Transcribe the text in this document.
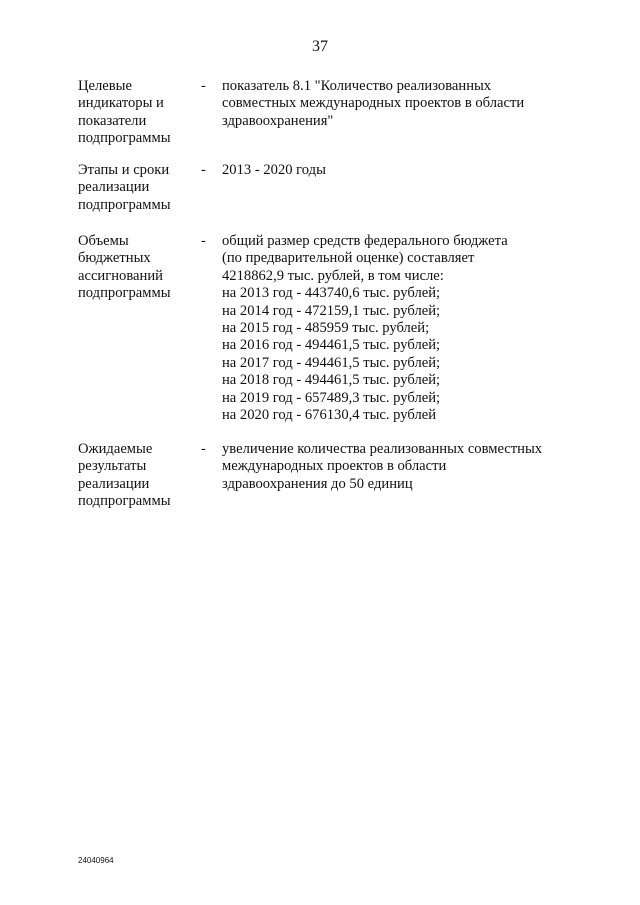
37
Целевые
индикаторы и
показатели
подпрограммы
- показатель 8.1 "Количество реализованных
совместных международных проектов в области
здравоохранения"
Этапы и сроки
реализации
подпрограммы
- 2013 - 2020 годы
Объемы
бюджетных
ассигнований
подпрограммы
- общий размер средств федерального бюджета
(по предварительной оценке) составляет
4218862,9 тыс. рублей, в том числе:
на 2013 год - 443740,6 тыс. рублей;
на 2014 год - 472159,1 тыс. рублей;
на 2015 год - 485959 тыс. рублей;
на 2016 год - 494461,5 тыс. рублей;
на 2017 год - 494461,5 тыс. рублей;
на 2018 год - 494461,5 тыс. рублей;
на 2019 год - 657489,3 тыс. рублей;
на 2020 год - 676130,4 тыс. рублей
Ожидаемые
результаты
реализации
подпрограммы
- увеличение количества реализованных совместных
международных проектов в области
здравоохранения до 50 единиц
24040964
